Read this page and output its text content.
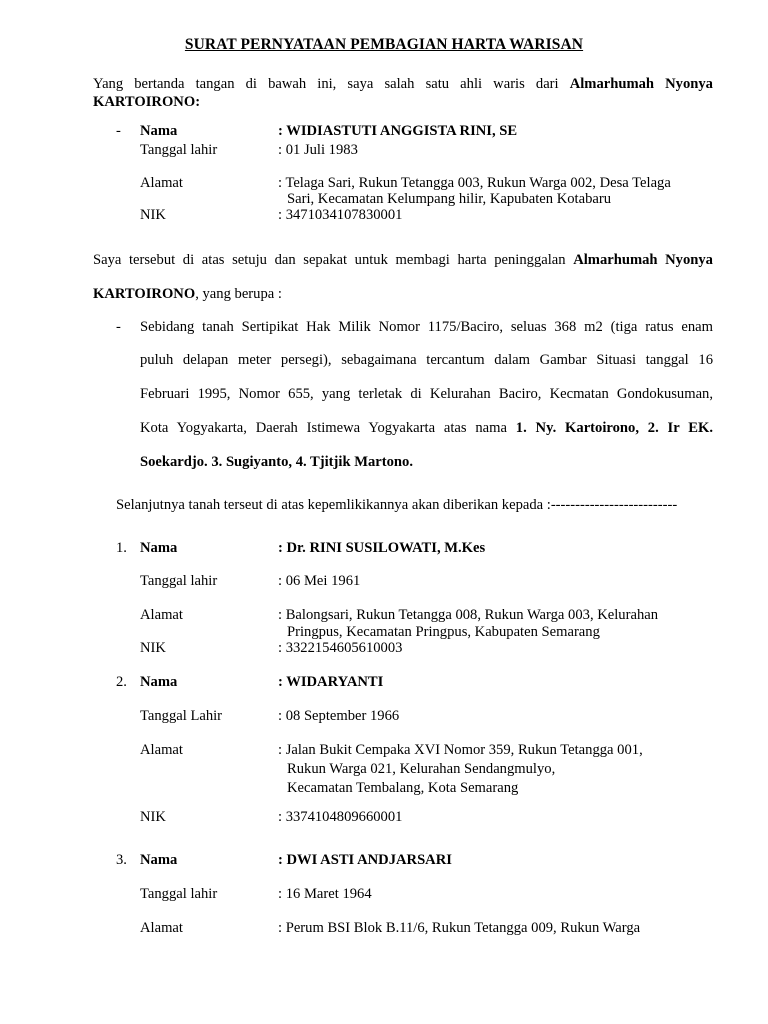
SURAT PERNYATAAN PEMBAGIAN HARTA WARISAN
Yang bertanda tangan di bawah ini, saya salah satu ahli waris dari Almarhumah Nyonya
KARTOIRONO:
- Nama	: WIDIASTUTI ANGGISTA RINI, SE
Tanggal lahir	: 01 Juli 1983
Alamat	: Telaga Sari, Rukun Tetangga 003, Rukun Warga 002, Desa Telaga
Sari, Kecamatan Kelumpang hilir, Kapubaten Kotabaru
NIK	: 3471034107830001
Saya tersebut di atas setuju dan sepakat untuk membagi harta peninggalan Almarhumah Nyonya
KARTOIRONO, yang berupa :
- Sebidang tanah Sertipikat Hak Milik Nomor 1175/Baciro, seluas 368 m2 (tiga ratus enam
puluh delapan meter persegi), sebagaimana tercantum dalam Gambar Situasi tanggal 16
Februari 1995, Nomor 655, yang terletak di Kelurahan Baciro, Kecmatan Gondokusuman,
Kota Yogyakarta, Daerah Istimewa Yogyakarta atas nama 1. Ny. Kartoirono, 2. Ir EK.
Soekardjo. 3. Sugiyanto, 4. Tjitjik Martono.
Selanjutnya tanah terseut di atas kepemlikikannya akan diberikan kepada :--------------------------
1. Nama	: Dr. RINI SUSILOWATI, M.Kes
Tanggal lahir	: 06 Mei 1961
Alamat	: Balongsari, Rukun Tetangga 008, Rukun Warga 003, Kelurahan
Pringpus, Kecamatan Pringpus, Kabupaten Semarang
NIK	: 3322154605610003
2. Nama	: WIDARYANTI
Tanggal Lahir	: 08 September 1966
Alamat	: Jalan Bukit Cempaka XVI Nomor 359, Rukun Tetangga 001,
Rukun Warga 021, Kelurahan Sendangmulyo,
Kecamatan Tembalang, Kota Semarang
NIK	: 3374104809660001
3. Nama	: DWI ASTI ANDJARSARI
Tanggal lahir	: 16 Maret 1964
Alamat	: Perum BSI Blok B.11/6, Rukun Tetangga 009, Rukun Warga
